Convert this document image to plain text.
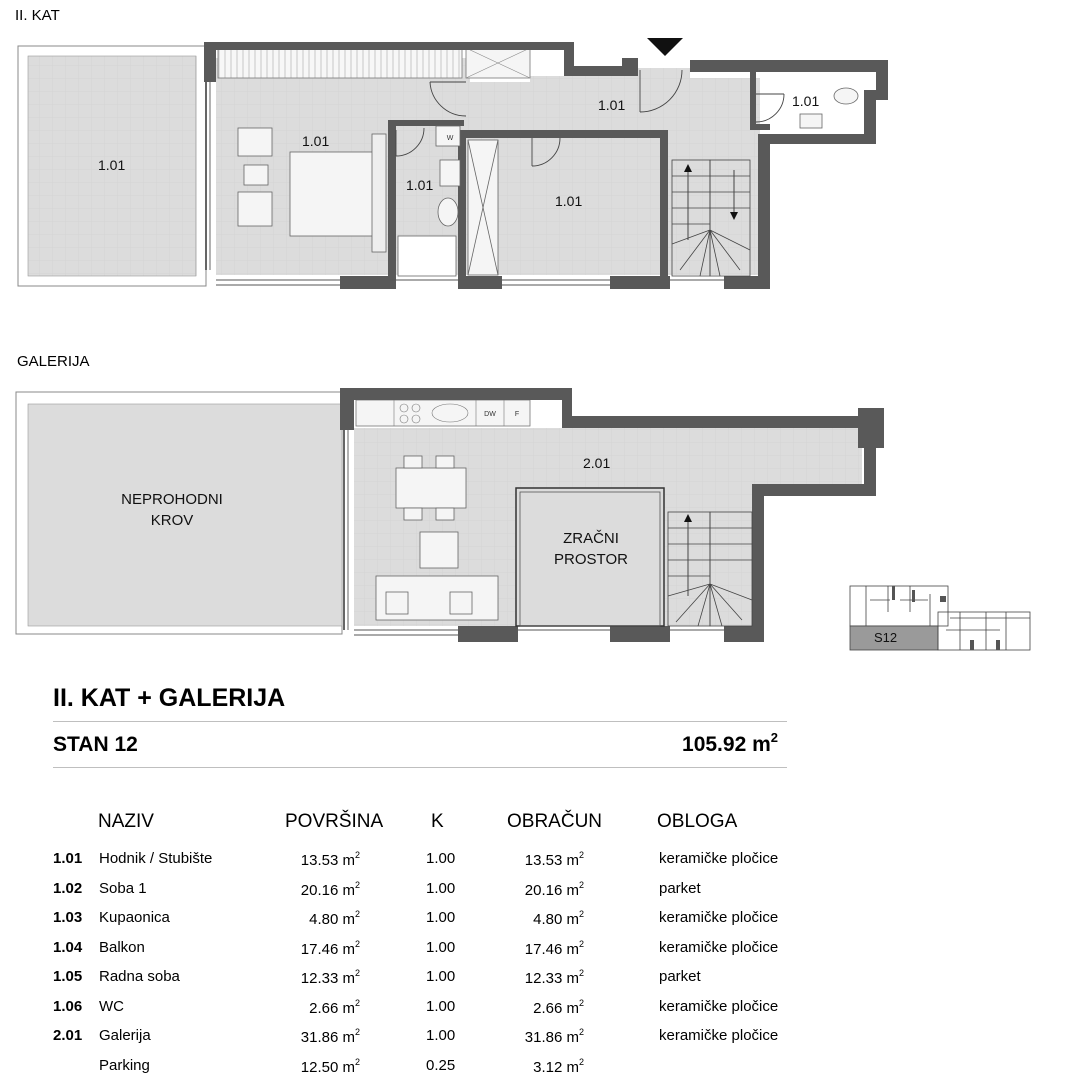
II. KAT
GALERIJA
W
1.01
1.01
1.01
1.01	1.01
1.01
DW	F
2.01
NEPROHODNI
KROV
ZRAČNI
PROSTOR
S12
II. KAT + GALERIJA
STAN 12	105.92 $m^2$
NAZIV	POVRŠINA	K	OBRAČUN	OBLOGA
1.01 Hodnik / Stubište	13.53 $m^2$	1.00	13.53 $m^2$	keramičke pločice
1.02 Soba 1	20.16 $m^2$	1.00	20.16 $m^2$	parket
1.03 Kupaonica	4.80 $m^2$	1.00	4.80 $m^2$	keramičke pločice
1.04 Balkon	17.46 $m^2$	1.00	17.46 $m^2$	keramičke pločice
1.05 Radna soba	12.33 $m^2$	1.00	12.33 $m^2$	parket
1.06 WC	2.66 $m^2$	1.00	2.66 $m^2$	keramičke pločice
2.01 Galerija	31.86 $m^2$	1.00	31.86 $m^2$	keramičke pločice
Parking	12.50 $m^2$	0.25	3.12 $m^2$
